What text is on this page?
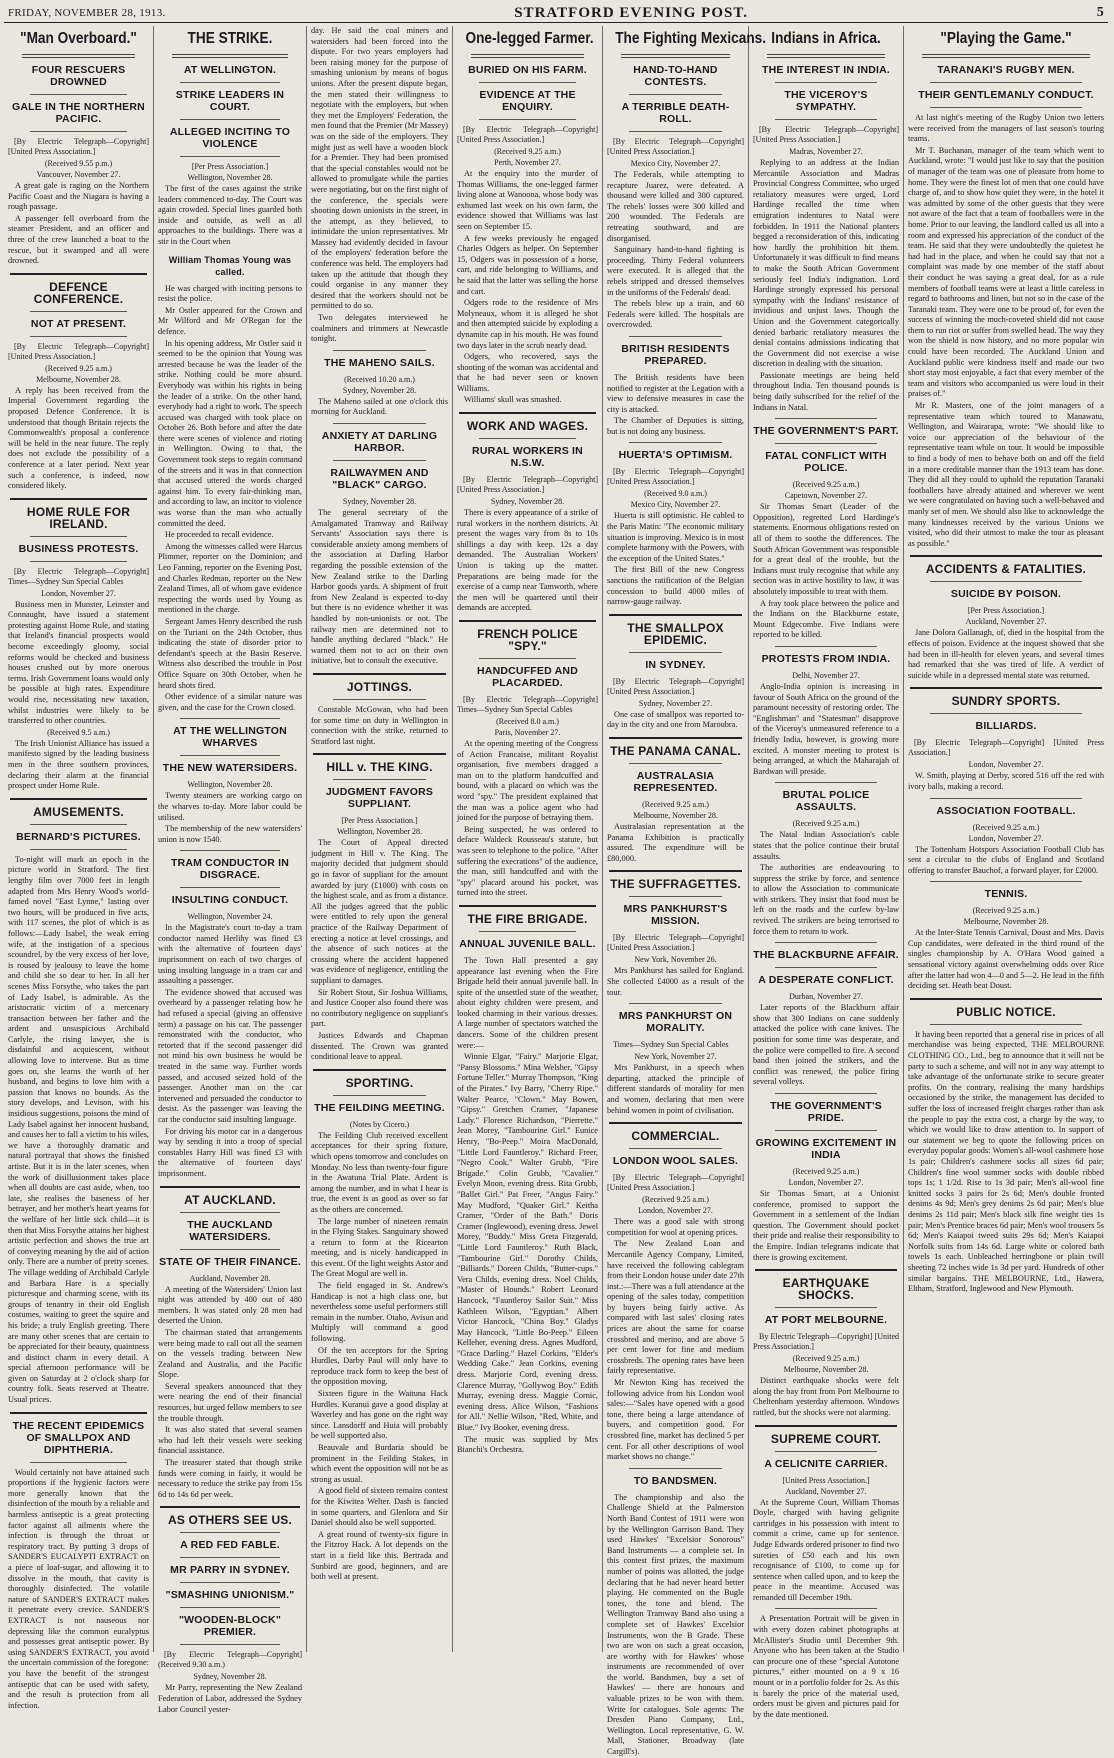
FRIDAY, NOVEMBER 28, 1913.	STRATFORD EVENING POST.	5
"Man Overboard."
FOUR RESCUERS DROWNED
GALE IN THE NORTHERN PACIFIC.
[By Electric Telegraph—Copyright] [United Press Association.]
(Received 9.55 p.m.)
Vancouver, November 27.

A great gale is raging on the Northern Pacific Coast and the Niagara is having a rough passage.

A passenger fell overboard from the steamer President, and an officer and three of the crew launched a boat to the rescue, but it swamped and all were drowned.

DEFENCE CONFERENCE.
NOT AT PRESENT.
[By Electric Telegraph—Copyright] [United Press Association.]
(Received 9.25 a.m.)
Melbourne, November 28.

A reply has been received from the Imperial Government regarding the proposed Defence Conference. It is understood that though Britain rejects the Commonwealth's proposal a conference will be held in the near future. The reply does not exclude the possibility of a conference at a later period. Next year such a conference, is indeed, now considered likely.

HOME RULE FOR IRELAND.
BUSINESS PROTESTS.
[By Electric Telegraph—Copyright] Times—Sydney Sun Special Cables
London, November 27.

Business men in Munster, Leinster and Connaught, have issued a statement protesting against Home Rule, and stating that Ireland's financial prospects would become exceedingly gloomy, social reforms would be checked and business houses crushed out by more onerous terms. Irish Government loans would only be possible at high rates. Expenditure would rise, necessitating new taxation, whilst industries were likely to be transferred to other countries.

(Received 9.5 a.m.)

The Irish Unionist Alliance has issued a manifesto signed by the leading business men in the three southern provinces, declaring their alarm at the financial prospect under Home Rule.

AMUSEMENTS.
BERNARD'S PICTURES.

To-night will mark an epoch in the picture world in Stratford. The first lengthy film over 7000 feet in length adapted from Mrs Henry Wood's world-famed novel "East Lynne," lasting over two hours, will be produced in five acts, with 117 scenes, the plot of which is as follows:—Lady Isabel, the weak erring wife, at the instigation of a specious scoundrel, by the very excess of her love, is roused by jealousy to leave the home and child she so dear to her. In all her scenes Miss Forsythe, who takes the part of Lady Isabel, is admirable. As the aristocratic victim of a mercenary transaction between her father and the ardent and unsuspicious Archibald Carlyle, the rising lawyer, she is disdainful and acquiescent, without allowing love to intervene. But as time goes on, she learns the worth of her husband, and begins to love him with a passion that knows no bounds. As the story develops, and Levison, with his insidious suggestions, poisons the mind of Lady Isabel against her innocent husband, and causes her to fall a victim to his wiles, we have a thoroughly dramatic and natural portrayal that shows the finished artiste. But it is in the later scenes, when the work of disillusionment takes place when all doubts are cast aside, when, too late, she realises the baseness of her betrayer, and her mother's heart yearns for the welfare of her little sick child—it is then that Miss Forsythe attains her highest artistic perfection and shows the true art of conveying meaning by the aid of action only. There are a number of pretty scenes. The village wedding of Archibald Carlyle and Barbara Hare is a specially picturesque and charming scene, with its groups of tenantry in their old English costumes, waiting to greet the squire and his bride; a truly English greeting. There are many other scenes that are certain to be appreciated for their beauty, quaintness and distinct charm in every detail. A special afternoon performance will be given on Saturday at 2 o'clock sharp for country folk. Seats reserved at Theatre. Usual prices.

THE RECENT EPIDEMICS OF SMALLPOX AND DIPHTHERIA.

Would certainly not have attained such proportions if the hygienic factors were more generally known that the disinfection of the mouth by a reliable and harmless antiseptic is a great protecting factor against all ailments where the infection is through the throat or respiratory tract. By putting 3 drops of SANDER'S EUCALYPTI EXTRACT on a piece of loaf-sugar, and allowing it to dissolve in the mouth, that cavity is thoroughly disinfected. The volatile nature of SANDER'S EXTRACT makes it penetrate every crevice. SANDER'S EXTRACT is not nauseous nor depressing like the common eucalyptus and possesses great antiseptic power. By using SANDER'S EXTRACT, you avoid the uncertain commission of the foregone: you have the benefit of the strongest antiseptic that can be used with safety, and the result is protection from all infection.

THE STRIKE.
AT WELLINGTON.
STRIKE LEADERS IN COURT.
ALLEGED INCITING TO VIOLENCE
[Per Press Association.]
Wellington, November 28.

The first of the cases against the strike leaders commenced to-day. The Court was again crowded. Special lines guarded both inside and outside, as well as all approaches to the buildings. There was a stir in the Court when

William Thomas Young was called.

He was charged with inciting persons to resist the police.

Mr Ostler appeared for the Crown and Mr Wilford and Mr O'Regan for the defence.

In his opening address, Mr Ostler said it seemed to be the opinion that Young was arrested because he was the leader of the strike. Nothing could be more absurd. Everybody was within his rights in being the leader of a strike. On the other hand, everybody had a right to work. The speech accused was charged with took place on October 26. Both before and after the date there were scenes of violence and rioting in Wellington. Owing to that, the Government took steps to regain command of the streets and it was in that connection that accused uttered the words charged against him. To every fair-thinking man, and according to law, an incitor to violence was worse than the man who actually committed the deed.

He proceeded to recall evidence.

Among the witnesses called were Harcus Plimmer, reporter on the Dominion; and Leo Fanning, reporter on the Evening Post, and Charles Redman, reporter on the New Zealand Times, all of whom gave evidence respecting the words used by Young as mentioned in the charge.

Sergeant James Henry described the rush on the Turiani on the 24th October, thus indicating the state of disorder prior to defendant's speech at the Basin Reserve. Witness also described the trouble in Post Office Square on 30th October, when he heard shots fired.

Other evidence of a similar nature was given, and the case for the Crown closed.

AT THE WELLINGTON WHARVES
THE NEW WATERSIDERS.
Wellington, November 28.

Twenty steamers are working cargo on the wharves to-day. More labor could be utilised.

The membership of the new watersiders' union is now 1540.

TRAM CONDUCTOR IN DISGRACE.
INSULTING CONDUCT.
Wellington, November 24.

In the Magistrate's court to-day a tram conductor named Herlihy was fined £3 with the alternative of fourteen days' imprisonment on each of two charges of using insulting language in a tram car and assaulting a passenger.

The evidence showed that accused was overheard by a passenger relating how he had refused a special (giving an offensive term) a passage on his car. The passenger remonstrated with the conductor, who retorted that if the second passenger did not mind his own business he would be treated in the same way. Further words passed, and accused seized hold of the passenger. Another man on the car intervened and persuaded the conductor to desist. As the passenger was leaving the car the conductor said insulting language.

For driving his motor car in a dangerous way by sending it into a troop of special constables Harry Hill was fined £3 with the alternative of fourteen days' imprisonment.

AT AUCKLAND.
THE AUCKLAND WATERSIDERS.
STATE OF THEIR FINANCE.
Auckland, November 28.

A meeting of the Watersiders' Union last night was attended by 400 out of 480 members. It was stated only 28 men had deserted the Union.

The chairman stated that arrangements were being made to call out all the seamen on the vessels trading between New Zealand and Australia, and the Pacific Slope.

Several speakers announced that they were nearing the end of their financial resources, but urged fellow members to see the trouble through.

It was also stated that several seamen who had left their vessels were seeking financial assistance.

The treasurer stated that though strike funds were coming in fairly, it would be necessary to reduce the strike pay from 15s 6d to 14s 6d per week.

AS OTHERS SEE US.
A RED FED FABLE.
MR PARRY IN SYDNEY.
"SMASHING UNIONISM."
"WOODEN-BLOCK" PREMIER.
[By Electric Telegraph—Copyright] (Received 9.30 a.m.)
Sydney, November 28.

Mr Parry, representing the New Zealand Federation of Labor, addressed the Sydney Labor Council yester-

day. He said the coal miners and watersiders had been forced into the dispute. For two years employers had been raising money for the purpose of smashing unionism by means of bogus unions. After the present dispute began, the men stated their willingness to negotiate with the employers, but when they met the Employers' Federation, the men found that the Premier (Mr Massey) was on the side of the employers. They might just as well have a wooden block for a Premier. They had been promised that the special constables would not be allowed to promulgate while the parties were negotiating, but on the first night of the conference, the specials were shooting down unionists in the street, in the attempt, as they believed, to intimidate the union representatives. Mr Massey had evidently decided in favour of the employers' federation before the conference was held. The employers had taken up the attitude that though they could organise in any manner they desired that the workers should not be permitted to do so.

Two delegates interviewed he coalminers and trimmers at Newcastle tonight.

THE MAHENO SAILS.
(Received 10.20 a.m.)
Sydney, November 28.

The Maheno sailed at one o'clock this morning for Auckland.

ANXIETY AT DARLING HARBOR.
RAILWAYMEN AND "BLACK" CARGO.
Sydney, November 28.

The general secretary of the Amalgamated Tramway and Railway Servants' Association says there is considerable anxiety among members of the association at Darling Harbor regarding the possible extension of the New Zealand strike to the Darling Harbor goods yards. A shipment of fruit from New Zealand is expected to-day but there is no evidence whether it was handled by non-unionists or not. The railway men are determined not to handle anything declared "black." He warned them not to act on their own initiative, but to consult the executive.

JOTTINGS.

Constable McGowan, who had been for some time on duty in Wellington in connection with the strike, returned to Stratford last night.

HILL v. THE KING.
JUDGMENT FAVORS SUPPLIANT.
[Per Press Association.]
Wellington, November 28.

The Court of Appeal directed judgment in Hill v. The King. The majority decided that judgment should go in favor of suppliant for the amount awarded by jury (£1000) with costs on the highest scale, and as from a distance. All the judges agreed that the public were entitled to rely upon the general practice of the Railway Department of erecting a notice at level crossings, and the absence of such notices at the crossing where the accident happened was evidence of negligence, entitling the suppliant to damages.

Sir Robert Stout, Sir Joshua Williams, and Justice Cooper also found there was no contributory negligence on suppliant's part.

Justices Edwards and Chapman dissented. The Crown was granted conditional leave to appeal.

SPORTING.
THE FEILDING MEETING.
(Notes by Cicero.)

The Feilding Club received excellent acceptances for their spring fixture, which opens tomorrow and concludes on Monday. No less than twenty-four figure in the Awatuna Trial Plate. Ardent is among the number, and in what I hear is true, the event is as good as over so far as the others are concerned.

The large number of nineteen remain in the Flying Stakes. Sanguinary showed a return to form at the Ricearton meeting, and is nicely handicapped in this event. Of the light weights Astor and The Great Mogul are well in.

The field engaged in St. Andrew's Handicap is not a high class one, but nevertheless some useful performers still remain in the number. Otaho, Avisun and Multiply will command a good following.

Of the ten acceptors for the Spring Hurdles, Darby Paul will only have to reproduce track form to keep the best of the opposition moving.

Sixteen figure in the Waituna Hack Hurdles. Kuranui gave a good display at Waverley and has gone on the right way since. Lansdorff and Huia will probably be well supported also.

Beauvale and Burdaria should be prominent in the Feilding Stakes, in which event the opposition will not be as strong as usual.

A good field of sixteen remains contest for the Kiwitea Welter. Dash is fancied in some quarters, and Glenlora and Sir Daniel should also be well supported.

A great round of twenty-six figure in the Fitzroy Hack. A lot depends on the start in a field like this. Bertrada and Sunbird are good, beginners, and are both well at present.

One-legged Farmer.
BURIED ON HIS FARM.
EVIDENCE AT THE ENQUIRY.
[By Electric Telegraph—Copyright] [United Press Association.]
(Received 9.25 a.m.)
Perth, November 27.

At the enquiry into the murder of Thomas Williams, the one-legged farmer living alone at Wanoona, whose body was exhumed last week on his own farm, the evidence showed that Williams was last seen on September 15.

A few weeks previously he engaged Charles Odgers as helper. On September 15, Odgers was in possession of a horse, cart, and ride belonging to Williams, and he said that the latter was selling the horse and cart.

Odgers rode to the residence of Mrs Molyneaux, whom it is alleged he shot and then attempted suicide by exploding a dynamite cap in his mouth. He was found two days later in the scrub nearly dead.

Odgers, who recovered, says the shooting of the woman was accidental and that he had never seen or known Williams.

Williams' skull was smashed.

WORK AND WAGES.
RURAL WORKERS IN N.S.W.
[By Electric Telegraph—Copyright] [United Press Association.]
Sydney, November 28.

There is every appearance of a strike of rural workers in the northern districts. At present the wages vary from 8s to 10s shillings a day with keep. 12s a day demanded. The Australian Workers' Union is taking up the matter. Preparations are being made for the exercise of a camp near Tamworth, where the men will be quartered until their demands are accepted.

FRENCH POLICE "SPY."
HANDCUFFED AND PLACARDED.
[By Electric Telegraph—Copyright] Times—Sydney Sun Special Cables
(Received 8.0 a.m.)
Paris, November 27.

At the opening meeting of the Congress of Action Francaise, militant Royalist organisation, five members dragged a man on to the platform handcuffed and bound, with a placard on which was the word "spy." The president explained that the man was a police agent who had joined for the purpose of betraying them.

Being suspected, he was ordered to deface Waldeck Rousseau's statute, but was seen to telephone to the police. "After suffering the execrations" of the audience, the man, still handcuffed and with the "spy" placard around his pocket, was turned into the street.

THE FIRE BRIGADE.
ANNUAL JUVENILE BALL.

The Town Hall presented a gay appearance last evening when the Fire Brigade held their annual juvenile ball. In spite of the unsettled state of the weather, about eighty children were present, and looked charming in their various dresses. A large number of spectators watched the dancers. Some of the children present were:—

Winnie Elgar, "Fairy." Marjorie Elgar, "Pansy Blossoms." Mina Welsher, "Gipsy Fortune Teller." Murray Thompson, "King of the Pirates." Ivy Barry, "Cherry Ripe." Walter Pearce, "Clown." May Bowen, "Gipsy." Gretchen Cramer, "Japanese Lady." Florence Richardson, "Pierrette." Jean Morey, "Tambourine Girl." Eunice Henry, "Bo-Peep." Moira MacDonald, "Little Lord Fauntleroy." Richard Freer, "Negro Cook." Walter Grubb, "Fire Brigade." Colin Grubb, "Cavalier." Evelyn Moon, evening dress. Rita Grubb, "Ballet Girl." Pat Freer, "Angus Fairy." May Mudford, "Quaker Girl." Keitha Cramer, "Order of the Bath." Doris Cramer (Inglewood), evening dress. Jewel Morey, "Buddy." Miss Greta Fitzgerald, "Little Lord Fauntleroy." Ruth Black, "Tambourine Girl." Dorothy Childs, "Billiards." Doreen Childs, "Butter-cups." Vera Childs, evening dress. Noel Childs, "Master of Hounds." Robert Leonard Hancock, "Fauntleroy Sailor Suit." Miss Kathleen Wilson, "Egyptian." Albert Victor Hancock, "China Boy." Gladys May Hancock, "Little Bo-Peep." Eileen Kelleher, evening dress. Agnes Mudford, "Grace Darling." Hazel Corkins, "Elder's Wedding Cake." Jean Corkins, evening dress. Marjorie Cord, evening dress. Clarence Murray, "Gollywog Boy." Edith Murray, evening dress. Maggie Cornic, evening dress. Alice Wilson, "Fashions for All." Nellie Wilson, "Red, White, and Blue." Ivy Booker, evening dress.

The music was supplied by Mrs Bianchi's Orchestra.

The Fighting Mexicans.
HAND-TO-HAND CONTESTS.
A TERRIBLE DEATH-ROLL.
[By Electric Telegraph—Copyright] [United Press Association.]
Mexico City, November 27.

The Federals, while attempting to recapture Juarez, were defeated. A thousand were killed and 300 captured. The rebels' losses were 300 killed and 200 wounded. The Federals are retreating southward, and are disorganised.

Sanguinary hand-to-hand fighting is proceeding. Thirty Federal volunteers were executed. It is alleged that the rebels stripped and dressed themselves in the uniforms of the Federals' dead.

The rebels blew up a train, and 60 Federals were killed. The hospitals are overcrowded.

BRITISH RESIDENTS PREPARED.

The British residents have been notified to register at the Legation with a view to defensive measures in case the city is attacked.

The Chamber of Deputies is sitting, but is not doing any business.

HUERTA'S OPTIMISM.
[By Electric Telegraph—Copyright] [United Press Association.]
(Received 9.0 a.m.)
Mexico City, November 27.

Huerta is still optimistic. He cabled to the Paris Matin: "The economic military situation is improving. Mexico is in most complete harmony with the Powers, with the exception of the United States."

The first Bill of the new Congress sanctions the ratification of the Belgian concession to build 4000 miles of narrow-gauge railway.

THE SMALLPOX EPIDEMIC.
IN SYDNEY.
[By Electric Telegraph—Copyright] [United Press Association.]
Sydney, November 27.

One case of smallpox was reported to-day in the city and one from Maroubra.

THE PANAMA CANAL.
AUSTRALASIA REPRESENTED.
(Received 9.25 a.m.)
Melbourne, November 28.

Australasian representation at the Panama Exhibition is practically assured. The expenditure will be £80,000.

THE SUFFRAGETTES.
MRS PANKHURST'S MISSION.
[By Electric Telegraph—Copyright] [United Press Association.]
New York, November 26.

Mrs Pankhurst has sailed for England. She collected £4000 as a result of the tour.

MRS PANKHURST ON MORALITY.
Times—Sydney Sun Special Cables
New York, November 27.

Mrs Pankhurst, in a speech when departing, attacked the principle of different standards of morality for men and women, declaring that men were behind women in point of civilisation.

COMMERCIAL.
LONDON WOOL SALES.
[By Electric Telegraph—Copyright] [United Press Association.]
(Received 9.25 a.m.)
London, November 27.

There was a good sale with strong competition for wool at opening prices.

The New Zealand Loan and Mercantile Agency Company, Limited, have received the following cablegram from their London house under date 27th inst.:—There was a full attendance at the opening of the sales today, competition by buyers being fairly active. As compared with last sales' closing rates prices are about the same for coarse crossbred and merino, and are above 5 per cent lower for fine and medium crossbreds. The opening rates have been fairly representative.

Mr Newton King has received the following advice from his London wool sales:—"Sales have opened with a good tone, there being a large attendance of buyers, and competition good. For crossbred fine, market has declined 5 per cent. For all other descriptions of wool market shows no change."

TO BANDSMEN.

The championship and also the Challenge Shield at the Palmerston North Band Contest of 1911 were won by the Wellington Garrison Band. They used Hawkes' "Excelsior Sonorous" Band Instruments — a complete set. In this contest first prizes, the maximum number of points was allotted, the judge declaring that he had never heard better playing. He commented on the Bugle tones, the tone and blend. The Wellington Tramway Band also using a complete set of Hawkes' Excelsior Instruments, won the B Grade. These two are won on such a great occasion, are worthy with for Hawkes' whose instruments are recommended of over the world. Bandsmen, buy a set of Hawkes' — there are honours and valuable prizes to be won with them. Write for catalogues. Sole agents: The Dresden Piano Company, Ltd., Wellington. Local representative, G. W. Mall, Stationer, Broadway (late Cargill's).

Indians in Africa.
THE INTEREST IN INDIA.
THE VICEROY'S SYMPATHY.
[By Electric Telegraph—Copyright] [United Press Association.]
Madras, November 27.

Replying to an address at the Indian Mercantile Association and Madras Provincial Congress Committee, who urged retaliatory measures were urged, Lord Hardinge recalled the time when emigration indentures to Natal were forbidden. In 1911 the National planters begged a reconsideration of this, indicating how hardly the prohibition hit them. Unfortunately it was difficult to find means to make the South African Government seriously feel India's indignation. Lord Hardinge strongly expressed his personal sympathy with the Indians' resistance of invidious and unjust laws. Though the Union and the Government categorically denied barbaric retaliatory measures the denial contains admissions indicating that the Government did not exercise a wise discretion in dealing with the situation.

Passionate meetings are being held throughout India. Ten thousand pounds is being daily subscribed for the relief of the Indians in Natal.

THE GOVERNMENT'S PART.
FATAL CONFLICT WITH POLICE.
(Received 9.25 a.m.)
Capetown, November 27.

Sir Thomas Smart (Leader of the Opposition), regretted Lord Hardinge's statements. Enormous obligations rested on all of them to soothe the differences. The South African Government was responsible for a great deal of the trouble, but the Indians must truly recognise that while any section was in active hostility to law, it was absolutely impossible to treat with them.

A fray took place between the police and the Indians on the Blackburne estate, Mount Edgecombe. Five Indians were reported to be killed.

PROTESTS FROM INDIA.
Delhi, November 27.

Anglo-India opinion is increasing in favour of South Africa on the ground of the paramount necessity of restoring order. The "Englishman" and "Statesman" disapprove of the Viceroy's unmeasured reference to a friendly India, however, is growing more excited. A monster meeting to protest is being arranged, at which the Maharajah of Bardwan will preside.

BRUTAL POLICE ASSAULTS.
(Received 9.25 a.m.)

The Natal Indian Association's cable states that the police continue their brutal assaults.

The authorities are endeavouring to suppress the strike by force, and sentence to allow the Association to communicate with strikers. They insist that food must be left on the roads and the curfew by-law revived. The strikers are being terrorised to force them to return to work.

THE BLACKBURNE AFFAIR.
A DESPERATE CONFLICT.
Durban, November 27.

Later reports of the Blackburn affair show that 300 Indians on cane suddenly attacked the police with cane knives. The position for some time was desperate, and the police were compelled to fire. A second band then joined the strikers, and the conflict was renewed, the police firing several volleys.

THE GOVERNMENT'S PRIDE.
GROWING EXCITEMENT IN INDIA
(Received 9.25 a.m.)
London, November 27.

Sir Thomas Smart, at a Unionist conference, promised to support the Government in a settlement of the Indian question. The Government should pocket their pride and realise their responsibility to the Empire. Indian telegrams indicate that there is growing excitement.

EARTHQUAKE SHOCKS.
AT PORT MELBOURNE.
By Electric Telegraph—Copyright] [United Press Association.]
(Received 9.25 a.m.)
Melbourne, November 28.

Distinct earthquake shocks were felt along the bay front from Port Melbourne to Cheltenham yesterday afternoon. Windows rattled, but the shocks were not alarming.

SUPREME COURT.
A CELICNITE CARRIER.
[United Press Association.]
Auckland, November 27.

At the Supreme Court, William Thomas Doyle, charged with having gelignite cartridges in his possession with intent to commit a crime, came up for sentence. Judge Edwards ordered prisoner to find two sureties of £50 each and his own recognisance of £100, to come up for sentence when called upon, and to keep the peace in the meantime. Accused was remanded till December 19th.

A Presentation Portrait will be given in with every dozen cabinet photographs at McAllister's Studio until December 9th. Anyone who has been taken at the Studio can procure one of these "special Autotone pictures," either mounted on a 9 x 16 mount or in a portfolio folder for 2s. As this is barely the price of the material used, orders must be given and pictures paid for by the date mentioned.

"Playing the Game."
TARANAKI'S RUGBY MEN.
THEIR GENTLEMANLY CONDUCT.

At last night's meeting of the Rugby Union two letters were received from the managers of last season's touring teams.

Mr T. Buchanan, manager of the team which went to Auckland, wrote: "I would just like to say that the position of manager of the team was one of pleasure from home to home. They were the finest lot of men that one could have charge of, and to show how quiet they were, in the hotel it was admitted by some of the other guests that they were not aware of the fact that a team of footballers were in the home. Prior to our leaving, the landlord called us all into a room and expressed his appreciation of the conduct of the team. He said that they were undoubtedly the quietest he had had in the place, and when he could say that not a complaint was made by one member of the staff about their conduct he was saying a great deal, for as a rule members of football teams were at least a little careless in regard to bathrooms and linen, but not so in the case of the Taranaki team. They were one to be proud of, for even the success of winning the much-coveted shield did not cause them to run riot or suffer from swelled head. The way they won the shield is now history, and no more popular win could have been recorded. The Auckland Union and Auckland public were kindness itself and made our two short stay most enjoyable, a fact that every member of the team and visitors who accompanied us were loud in their praises of."

Mr R. Masters, one of the joint managers of a representative team which toured to Manawatu, Wellington, and Wairarapa, wrote: "We should like to voice our appreciation of the behaviour of the representative team while on tour. It would be impossible to find a body of men to behave both on and off the field in a more creditable manner than the 1913 team has done. They did all they could to uphold the reputation Taranaki footballers have already attained and wherever we went we were congratulated on having such a well-behaved and manly set of men. We should also like to acknowledge the many kindnesses received by the various Unions we visited, who did their utmost to make the tour as pleasant as possible."

ACCIDENTS & FATALITIES.
SUICIDE BY POISON.
[Per Press Association.]
Auckland, November 27.

Jane Dolora Gallanagh, of, died in the hospital from the effects of poison. Evidence at the inquest showed that she had been in ill-health for eleven years, and several times had remarked that she was tired of life. A verdict of suicide while in a depressed mental state was returned.

SUNDRY SPORTS.
BILLIARDS.
[By Electric Telegraph—Copyright] [United Press Association.]
London, November 27.

W. Smith, playing at Derby, scored 516 off the red with ivory balls, making a record.

ASSOCIATION FOOTBALL.
(Received 9.25 a.m.)
London, November 27.

The Tottenham Hotspurs Association Football Club has sent a circular to the clubs of England and Scotland offering to transfer Bauchof, a forward player, for £2000.

TENNIS.
(Received 9.25 a.m.)
Melbourne, November 28.

At the Inter-State Tennis Carnival, Doust and Mrs. Davis Cup candidates, were defeated in the third round of the singles championship by A. O'Hara Wood gained a sensational victory against overwhelming odds over Rice after the latter had won 4—0 and 5—2. He lead in the fifth deciding set. Heath beat Doust.

PUBLIC NOTICE.

It having been reported that a general rise in prices of all merchandise was being expected, THE MELBOURNE CLOTHING CO., Ltd., beg to announce that it will not be party to such a scheme, and will not in any way attempt to take advantage of the unfortunate strike to secure greater profits. On the contrary, realising the many hardships occasioned by the strike, the management has decided to suffer the loss of increased freight charges rather than ask the people to pay the extra cost, a charge by the way, to which we would like to draw attention to. In support of our statement we beg to quote the following prices on everyday popular goods: Women's all-wool cashmere hose 1s pair; Children's cashmere socks all sizes 6d pair; Children's fine wool summer socks with double ribbed tops 1s; 1 1/2d. Rise to 1s 3d pair; Men's all-wool fine knitted socks 3 pairs for 2s 6d; Men's double fronted denims 4s 9d; Men's grey denims 2s 6d pair; Men's blue denims 2s 11d pair; Men's black silk fine weight ties 1s pair; Men's Prentice braces 6d pair; Men's wool trousers 5s 6d; Men's Kaiapoi tweed suits 29s 6d; Men's Kaiapoi Norfolk suits from 14s 6d. Large white or colored bath towels 1s each. Unbleached herringbone or plain twill sheeting 72 inches wide 1s 3d per yard. Hundreds of other similar bargains. THE MELBOURNE, Ltd., Hawera, Eltham, Stratford, Inglewood and New Plymouth.
